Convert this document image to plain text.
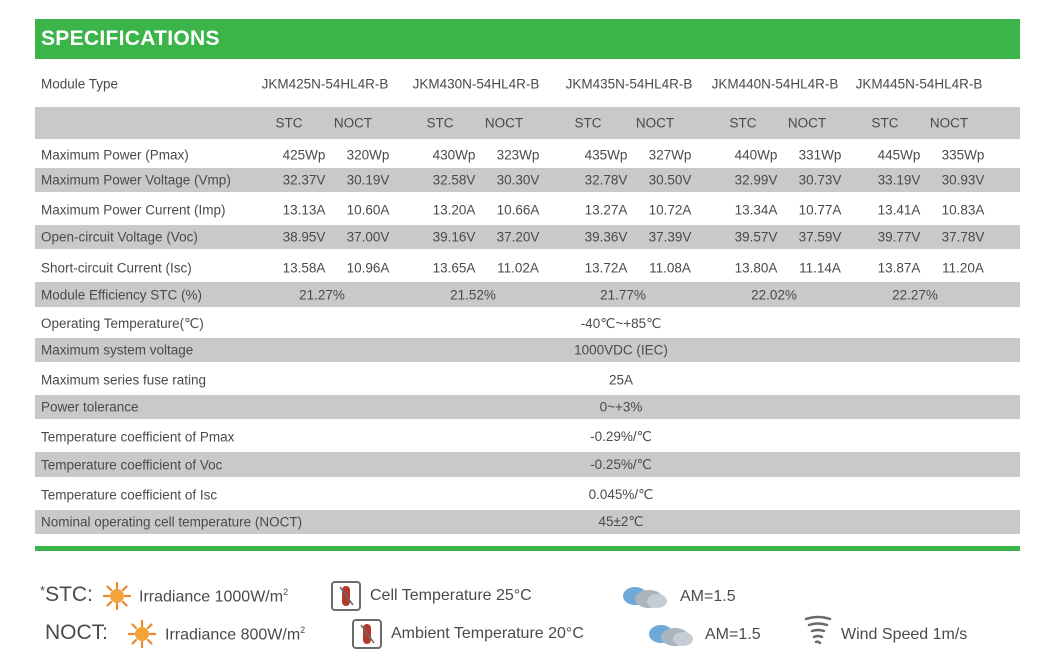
SPECIFICATIONS
Module Type	JKM425N-54HL4R-B JKM430N-54HL4R-B JKM435N-54HL4R-B JKM440N-54HL4R-B JKM445N-54HL4R-B
STC NOCT	STC NOCT	STC	NOCT	STC NOCT	STC NOCT
Maximum Power (Pmax)	425Wp 320Wp	430Wp 323Wp	435Wp 327Wp	440Wp 331Wp	445Wp 335Wp
Maximum Power Voltage (Vmp)	32.37V 30.19V	32.58V 30.30V	32.78V 30.50V	32.99V 30.73V	33.19V 30.93V
Maximum Power Current (Imp)	13.13A 10.60A	13.20A 10.66A	13.27A 10.72A	13.34A 10.77A	13.41A 10.83A
Open-circuit Voltage (Voc)	38.95V 37.00V	39.16V 37.20V	39.36V 37.39V	39.57V 37.59V	39.77V 37.78V
Short-circuit Current (Isc)	13.58A 10.96A	13.65A 11.02A	13.72A 11.08A	13.80A 11.14A	13.87A 11.20A
Module Efficiency STC (%)	21.27%	21.52%	21.77%	22.02%	22.27%
Operating Temperature(℃)	-40℃~+85℃
Maximum system voltage	1000VDC (IEC)
Maximum series fuse rating	25A
Power tolerance	0~+3%
Temperature coefficient of Pmax	-0.29%/℃
Temperature coefficient of Voc	-0.25%/℃
Temperature coefficient of Isc	0.045%/℃
Nominal operating cell temperature (NOCT)	45±2℃
*STC:	Irradiance $1000W/m^2$	Cell Temperature 25°C	AM=1.5
NOCT:	Irradiance $800W/m^2$	Ambient Temperature 20°C	AM=1.5	Wind Speed 1m/s
